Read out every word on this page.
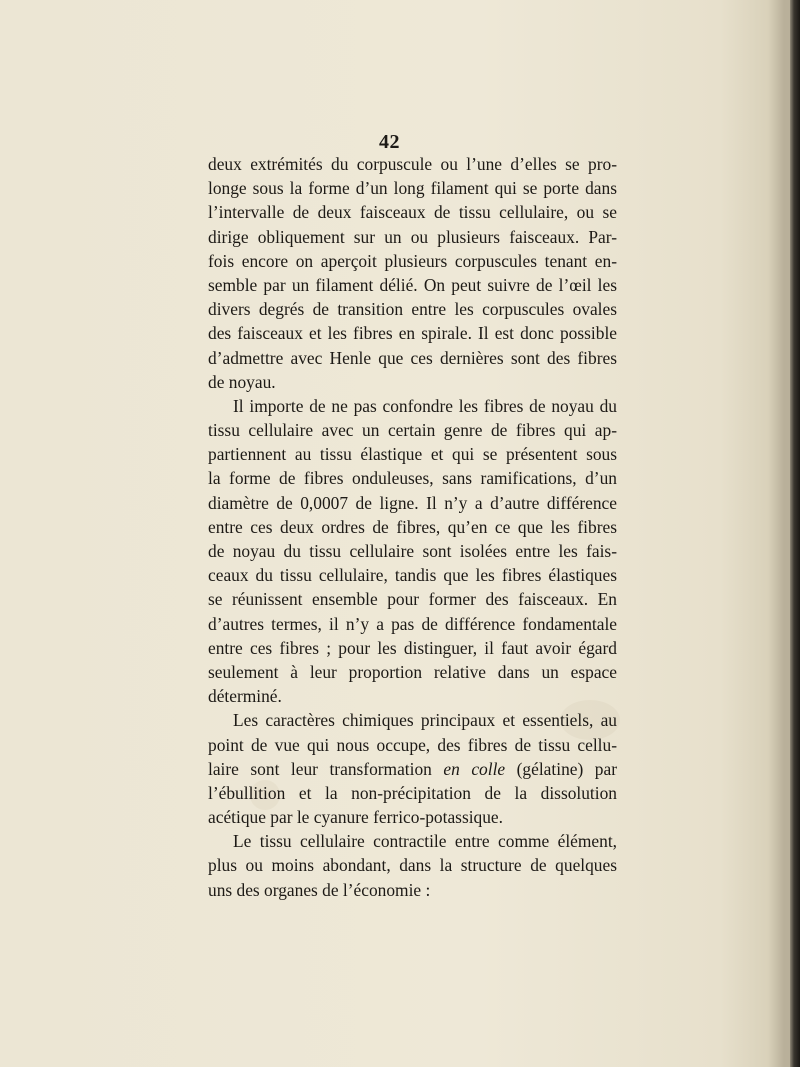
42
deux extrémités du corpuscule ou l’une d’elles se pro-
longe sous la forme d’un long filament qui se porte dans
l’intervalle de deux faisceaux de tissu cellulaire, ou se
dirige obliquement sur un ou plusieurs faisceaux. Par-
fois encore on aperçoit plusieurs corpuscules tenant en-
semble par un filament délié. On peut suivre de l’œil les
divers degrés de transition entre les corpuscules ovales
des faisceaux et les fibres en spirale. Il est donc possible
d’admettre avec Henle que ces dernières sont des fibres
de noyau.
Il importe de ne pas confondre les fibres de noyau du
tissu cellulaire avec un certain genre de fibres qui ap-
partiennent au tissu élastique et qui se présentent sous
la forme de fibres onduleuses, sans ramifications, d’un
diamètre de 0,0007 de ligne. Il n’y a d’autre différence
entre ces deux ordres de fibres, qu’en ce que les fibres
de noyau du tissu cellulaire sont isolées entre les fais-
ceaux du tissu cellulaire, tandis que les fibres élastiques
se réunissent ensemble pour former des faisceaux. En
d’autres termes, il n’y a pas de différence fondamentale
entre ces fibres ; pour les distinguer, il faut avoir égard
seulement à leur proportion relative dans un espace
déterminé.
Les caractères chimiques principaux et essentiels, au
point de vue qui nous occupe, des fibres de tissu cellu-
laire sont leur transformation en colle (gélatine) par
l’ébullition et la non-précipitation de la dissolution
acétique par le cyanure ferrico-potassique.
Le tissu cellulaire contractile entre comme élément,
plus ou moins abondant, dans la structure de quelques
uns des organes de l’économie :
